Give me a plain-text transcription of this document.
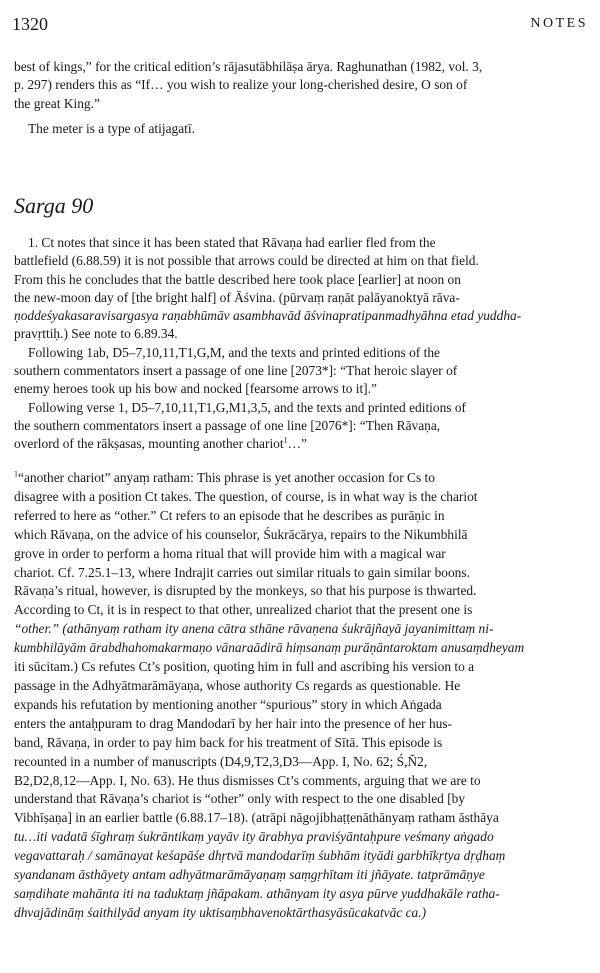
1320	NOTES
best of kings,” for the critical edition’s rājasutābhilāṣa ārya. Raghunathan (1982, vol. 3,
p. 297) renders this as “If… you wish to realize your long-cherished desire, O son of
the great King.”
The meter is a type of atijagatī.
Sarga 90
1. Ct notes that since it has been stated that Rāvaṇa had earlier fled from the
battlefield (6.88.59) it is not possible that arrows could be directed at him on that field.
From this he concludes that the battle described here took place [earlier] at noon on
the new-moon day of [the bright half] of Āśvina. (pūrvaṃ raṇāt palāyanoktyā rāva-
ṇoddeśyakasaravisargasya raṇabhūmāv asambhavād āśvinapratipanmadhyāhna etad yuddha-
pravṛttiḥ.) See note to 6.89.34.
Following 1ab, D5–7,10,11,T1,G,M, and the texts and printed editions of the
southern commentators insert a passage of one line [2073*]: “That heroic slayer of
enemy heroes took up his bow and nocked [fearsome arrows to it].”
Following verse 1, D5–7,10,11,T1,G,M1,3,5, and the texts and printed editions of
the southern commentators insert a passage of one line [2076*]: “Then Rāvaṇa,
overlord of the rākṣasas, mounting another chariot$^1$…”
$^1$“another chariot” anyaṃ ratham: This phrase is yet another occasion for Cs to
disagree with a position Ct takes. The question, of course, is in what way is the chariot
referred to here as “other.” Ct refers to an episode that he describes as purāṇic in
which Rāvaṇa, on the advice of his counselor, Śukrācārya, repairs to the Nikumbhilā
grove in order to perform a homa ritual that will provide him with a magical war
chariot. Cf. 7.25.1–13, where Indrajit carries out similar rituals to gain similar boons.
Rāvaṇa’s ritual, however, is disrupted by the monkeys, so that his purpose is thwarted.
According to Ct, it is in respect to that other, unrealized chariot that the present one is
“other.” (athānyaṃ ratham ity anena cātra sthāne rāvaṇena śukrājñayā jayanimittaṃ ni-
kumbhilāyām ārabdhahomakarmaṇo vānaraādirā hiṃsanaṃ purāṇāntaroktam anusaṃdheyam
iti sūcitam.) Cs refutes Ct’s position, quoting him in full and ascribing his version to a
passage in the Adhyātmarāmāyaṇa, whose authority Cs regards as questionable. He
expands his refutation by mentioning another “spurious” story in which Aṅgada
enters the antaḥpuram to drag Mandodarī by her hair into the presence of her hus-
band, Rāvaṇa, in order to pay him back for his treatment of Sītā. This episode is
recounted in a number of manuscripts (D4,9,T2,3,D3—App. I, No. 62; Ś,Ñ2,
B2,D2,8,12—App. I, No. 63). He thus dismisses Ct’s comments, arguing that we are to
understand that Rāvaṇa’s chariot is “other” only with respect to the one disabled [by
Vibhīṣaṇa] in an earlier battle (6.88.17–18). (atrāpi nāgojibhaṭṭenāthānyaṃ ratham āsthāya
tu…iti vadatā śīghraṃ śukrāntikaṃ yayāv ity ārabhya praviśyāntaḥpure veśmany aṅgado
vegavattaraḥ / samānayat keśapāśe dhṛtvā mandodarīṃ śubhām ityādi garbhīkṛtya dṛḍhaṃ
syandanam āsthāyety antam adhyātmarāmāyaṇaṃ saṃgṛhītam iti jñāyate. tatprāmāṇye
saṃdihate mahānta iti na taduktaṃ jñāpakam. athānyam ity asya pūrve yuddhakāle ratha-
dhvajādināṃ śaithilyād anyam ity uktisaṃbhavenoktārthasyāsūcakatvāc ca.)
